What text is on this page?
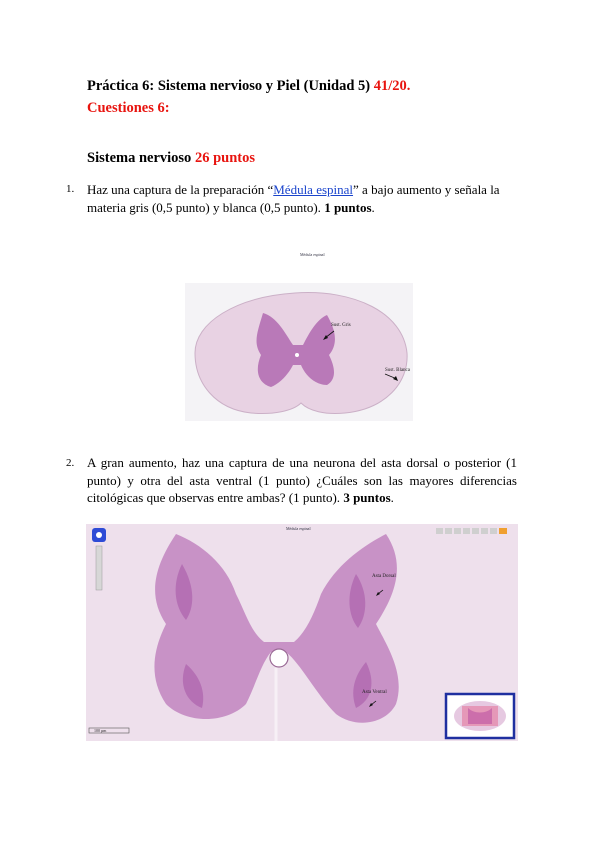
Práctica 6: Sistema nervioso y Piel (Unidad 5) 41/20.
Cuestiones 6:
Sistema nervioso 26 puntos
1. Haz una captura de la preparación “Médula espinal” a bajo aumento y señala la materia gris (0,5 punto) y blanca (0,5 punto). 1 puntos.
Médula espinal
Sust. Gris
Sust. Blanca
2. A gran aumento, haz una captura de una neurona del asta dorsal o posterior (1 punto) y otra del asta ventral (1 punto) ¿Cuáles son las mayores diferencias citológicas que observas entre ambas? (1 punto). 3 puntos.
Médula espinal
Asta Dorsal
Asta Ventral
100 µm
